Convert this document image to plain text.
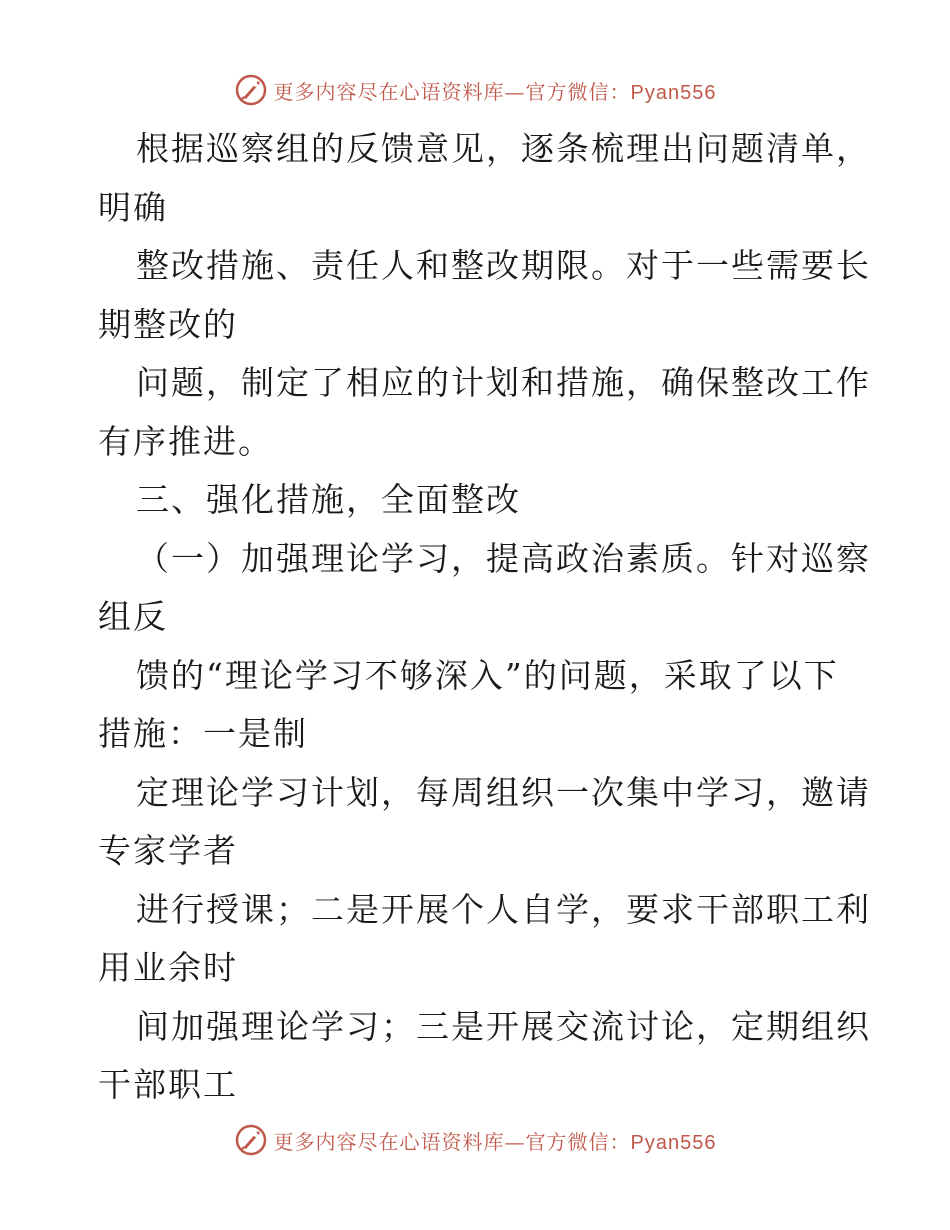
更多内容尽在心语资料库—官方微信：Pyan556
根据巡察组的反馈意见，逐条梳理出问题清单，
明确
整改措施、责任人和整改期限。对于一些需要长
期整改的
问题，制定了相应的计划和措施，确保整改工作
有序推进。
三、强化措施，全面整改
（一）加强理论学习，提高政治素质。针对巡察
组反
馈的“理论学习不够深入”的问题，采取了以下
措施：一是制
定理论学习计划，每周组织一次集中学习，邀请
专家学者
进行授课；二是开展个人自学，要求干部职工利
用业余时
间加强理论学习；三是开展交流讨论，定期组织
干部职工
更多内容尽在心语资料库—官方微信：Pyan556
